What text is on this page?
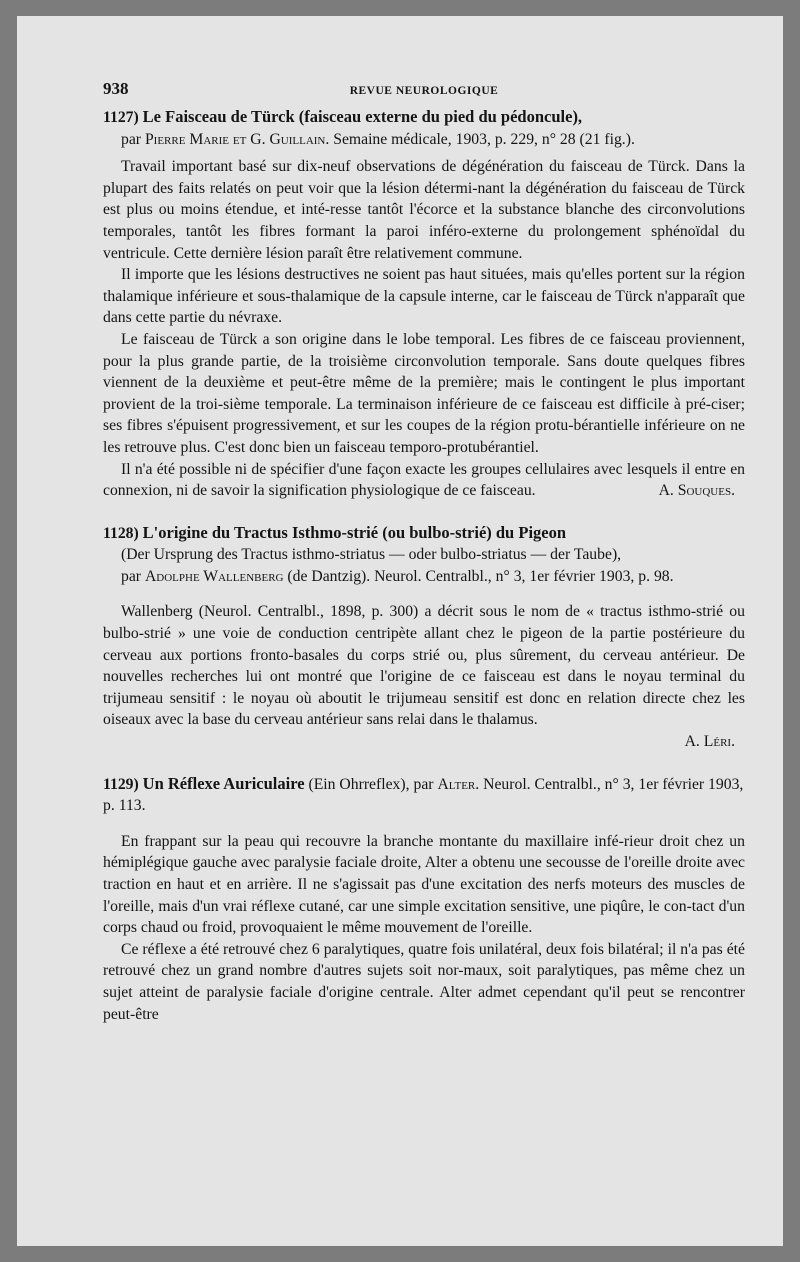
938	REVUE NEUROLOGIQUE
1127) Le Faisceau de Türck (faisceau externe du pied du pédoncule),
par Pierre Marie et G. Guillain. Semaine médicale, 1903, p. 229, n° 28 (21 fig.).

Travail important basé sur dix-neuf observations de dégénération du faisceau de Türck. Dans la plupart des faits relatés on peut voir que la lésion détermi-nant la dégénération du faisceau de Türck est plus ou moins étendue, et inté-resse tantôt l'écorce et la substance blanche des circonvolutions temporales, tantôt les fibres formant la paroi inféro-externe du prolongement sphénoïdal du ventricule. Cette dernière lésion paraît être relativement commune.

Il importe que les lésions destructives ne soient pas haut situées, mais qu'elles portent sur la région thalamique inférieure et sous-thalamique de la capsule interne, car le faisceau de Türck n'apparaît que dans cette partie du névraxe.

Le faisceau de Türck a son origine dans le lobe temporal. Les fibres de ce faisceau proviennent, pour la plus grande partie, de la troisième circonvolution temporale. Sans doute quelques fibres viennent de la deuxième et peut-être même de la première; mais le contingent le plus important provient de la troi-sième temporale. La terminaison inférieure de ce faisceau est difficile à pré-ciser; ses fibres s'épuisent progressivement, et sur les coupes de la région protu-bérantielle inférieure on ne les retrouve plus. C'est donc bien un faisceau temporo-protubérantiel.

Il n'a été possible ni de spécifier d'une façon exacte les groupes cellulaires avec lesquels il entre en connexion, ni de savoir la signification physiologique de ce faisceau.	A. Souques.
1128) L'origine du Tractus Isthmo-strié (ou bulbo-strié) du Pigeon
(Der Ursprung des Tractus isthmo-striatus — oder bulbo-striatus — der Taube),
par Adolphe Wallenberg (de Dantzig). Neurol. Centralbl., n° 3, 1er février 1903, p. 98.

Wallenberg (Neurol. Centralbl., 1898, p. 300) a décrit sous le nom de « tractus isthmo-strié ou bulbo-strié » une voie de conduction centripète allant chez le pigeon de la partie postérieure du cerveau aux portions fronto-basales du corps strié ou, plus sûrement, du cerveau antérieur. De nouvelles recherches lui ont montré que l'origine de ce faisceau est dans le noyau terminal du trijumeau sensitif : le noyau où aboutit le trijumeau sensitif est donc en relation directe chez les oiseaux avec la base du cerveau antérieur sans relai dans le thalamus.

A. Léri.
1129) Un Réflexe Auriculaire (Ein Ohrreflex), par Alter. Neurol. Centralbl., n° 3, 1er février 1903, p. 113.

En frappant sur la peau qui recouvre la branche montante du maxillaire infé-rieur droit chez un hémiplégique gauche avec paralysie faciale droite, Alter a obtenu une secousse de l'oreille droite avec traction en haut et en arrière. Il ne s'agissait pas d'une excitation des nerfs moteurs des muscles de l'oreille, mais d'un vrai réflexe cutané, car une simple excitation sensitive, une piqûre, le con-tact d'un corps chaud ou froid, provoquaient le même mouvement de l'oreille.

Ce réflexe a été retrouvé chez 6 paralytiques, quatre fois unilatéral, deux fois bilatéral; il n'a pas été retrouvé chez un grand nombre d'autres sujets soit nor-maux, soit paralytiques, pas même chez un sujet atteint de paralysie faciale d'origine centrale. Alter admet cependant qu'il peut se rencontrer peut-être
